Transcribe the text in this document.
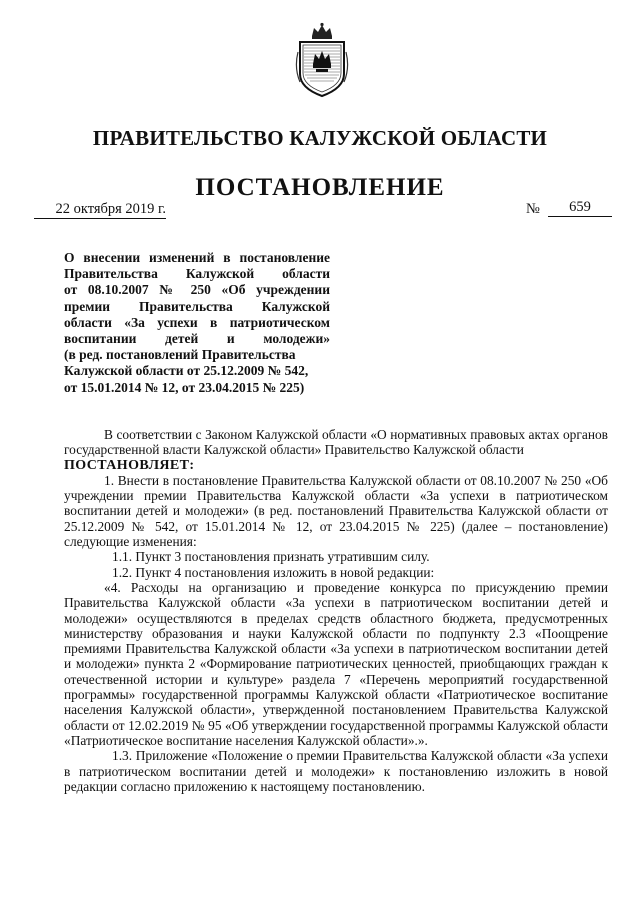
ПРАВИТЕЛЬСТВО КАЛУЖСКОЙ ОБЛАСТИ
ПОСТАНОВЛЕНИЕ
22 октября 2019 г.	№	659
О внесении изменений в постановление
Правительства Калужской области
от 08.10.2007 № 250 «Об учреждении
премии Правительства Калужской
области «За успехи в патриотическом
воспитании детей и молодежи»
(в ред. постановлений Правительства
Калужской области от 25.12.2009 № 542,
от 15.01.2014 № 12, от 23.04.2015 № 225)

В соответствии с Законом Калужской области «О нормативных правовых актах органов государственной власти Калужской области» Правительство Калужской области

ПОСТАНОВЛЯЕТ:

1. Внести в постановление Правительства Калужской области от 08.10.2007 № 250 «Об учреждении премии Правительства Калужской области «За успехи в патриотическом воспитании детей и молодежи» (в ред. постановлений Правительства Калужской области от 25.12.2009 № 542, от 15.01.2014 № 12, от 23.04.2015 № 225) (далее – постановление) следующие изменения:

1.1. Пункт 3 постановления признать утратившим силу.

1.2. Пункт 4 постановления изложить в новой редакции:

«4. Расходы на организацию и проведение конкурса по присуждению премии Правительства Калужской области «За успехи в патриотическом воспитании детей и молодежи» осуществляются в пределах средств областного бюджета, предусмотренных министерству образования и науки Калужской области по подпункту 2.3 «Поощрение премиями Правительства Калужской области «За успехи в патриотическом воспитании детей и молодежи» пункта 2 «Формирование патриотических ценностей, приобщающих граждан к отечественной истории и культуре» раздела 7 «Перечень мероприятий государственной программы» государственной программы Калужской области «Патриотическое воспитание населения Калужской области», утвержденной постановлением Правительства Калужской области от 12.02.2019 № 95 «Об утверждении государственной программы Калужской области «Патриотическое воспитание населения Калужской области».».

1.3. Приложение «Положение о премии Правительства Калужской области «За успехи в патриотическом воспитании детей и молодежи» к постановлению изложить в новой редакции согласно приложению к настоящему постановлению.
